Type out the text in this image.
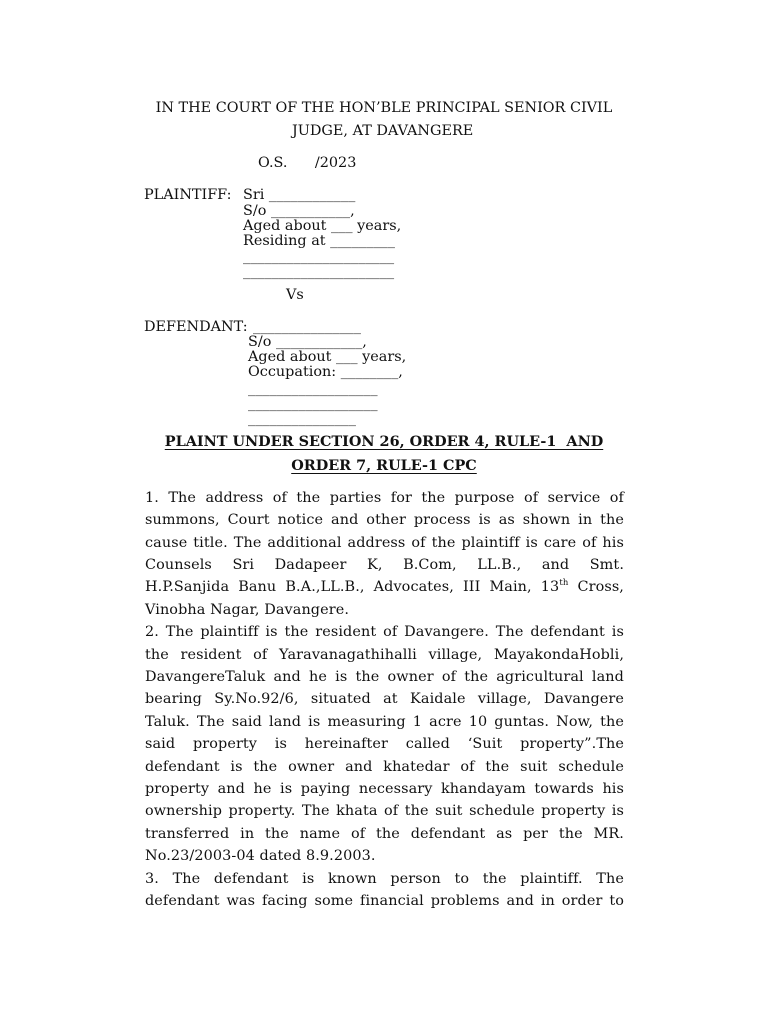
IN THE COURT OF THE HON’BLE PRINCIPAL SENIOR CIVIL
JUDGE, AT DAVANGERE
O.S.      /2023
PLAINTIFF: Sri ____________
S/o ___________,
Aged about ___ years,
Residing at _________
_____________________
_____________________
Vs
DEFENDANT: _______________
S/o ____________,
Aged about ___ years,
Occupation: ________,
__________________
__________________
_______________
PLAINT UNDER SECTION 26, ORDER 4, RULE-1  AND
ORDER 7, RULE-1 CPC
1. The address of the parties for the purpose of service of
summons, Court notice and other process is as shown in the
cause title. The additional address of the plaintiff is care of his
Counsels Sri Dadapeer K, B.Com, LL.B., and Smt.
H.P.Sanjida Banu B.A.,LL.B., Advocates, III Main, 13th Cross,
Vinobha Nagar, Davangere.
2. The plaintiff is the resident of Davangere. The defendant is
the resident of Yaravanagathihalli village, MayakondaHobli,
DavangereTaluk and he is the owner of the agricultural land
bearing Sy.No.92/6, situated at Kaidale village, Davangere
Taluk. The said land is measuring 1 acre 10 guntas. Now, the
said property is hereinafter called ‘Suit property”.The
defendant is the owner and khatedar of the suit schedule
property and he is paying necessary khandayam towards his
ownership property. The khata of the suit schedule property is
transferred in the name of the defendant as per the MR.
No.23/2003-04 dated 8.9.2003.
3. The defendant is known person to the plaintiff. The
defendant was facing some financial problems and in order to
